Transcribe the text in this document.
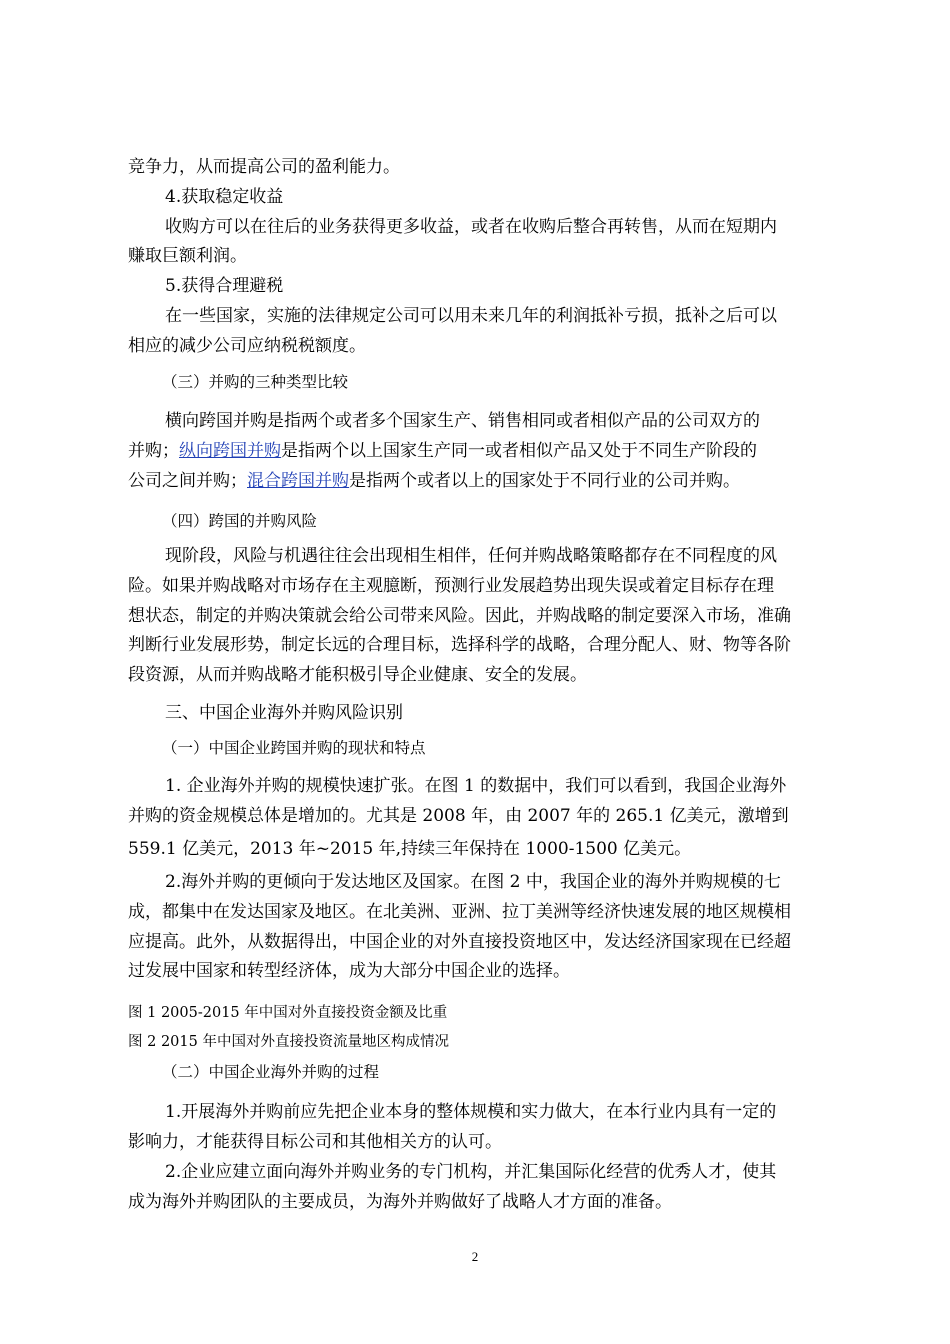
竞争力，从而提高公司的盈利能力。
4.获取稳定收益
收购方可以在往后的业务获得更多收益，或者在收购后整合再转售，从而在短期内
赚取巨额利润。
5.获得合理避税
在一些国家，实施的法律规定公司可以用未来几年的利润抵补亏损，抵补之后可以
相应的减少公司应纳税税额度。
（三）并购的三种类型比较
横向跨国并购是指两个或者多个国家生产、销售相同或者相似产品的公司双方的
并购；纵向跨国并购是指两个以上国家生产同一或者相似产品又处于不同生产阶段的
公司之间并购；混合跨国并购是指两个或者以上的国家处于不同行业的公司并购。
（四）跨国的并购风险
现阶段，风险与机遇往往会出现相生相伴，任何并购战略策略都存在不同程度的风
险。如果并购战略对市场存在主观臆断，预测行业发展趋势出现失误或着定目标存在理
想状态，制定的并购决策就会给公司带来风险。因此，并购战略的制定要深入市场，准确
判断行业发展形势，制定长远的合理目标，选择科学的战略，合理分配人、财、物等各阶
段资源，从而并购战略才能积极引导企业健康、安全的发展。
三、中国企业海外并购风险识别
（一）中国企业跨国并购的现状和特点
1. 企业海外并购的规模快速扩张。在图 1 的数据中，我们可以看到，我国企业海外
并购的资金规模总体是增加的。尤其是 2008 年，由 2007 年的 265.1 亿美元，激增到
559.1 亿美元，2013 年~2015 年,持续三年保持在 1000-1500 亿美元。
2.海外并购的更倾向于发达地区及国家。在图 2 中，我国企业的海外并购规模的七
成，都集中在发达国家及地区。在北美洲、亚洲、拉丁美洲等经济快速发展的地区规模相
应提高。此外，从数据得出，中国企业的对外直接投资地区中，发达经济国家现在已经超
过发展中国家和转型经济体，成为大部分中国企业的选择。
图 1 2005-2015 年中国对外直接投资金额及比重
图 2 2015 年中国对外直接投资流量地区构成情况
（二）中国企业海外并购的过程
1.开展海外并购前应先把企业本身的整体规模和实力做大，在本行业内具有一定的
影响力，才能获得目标公司和其他相关方的认可。
2.企业应建立面向海外并购业务的专门机构，并汇集国际化经营的优秀人才，使其
成为海外并购团队的主要成员，为海外并购做好了战略人才方面的准备。
2
